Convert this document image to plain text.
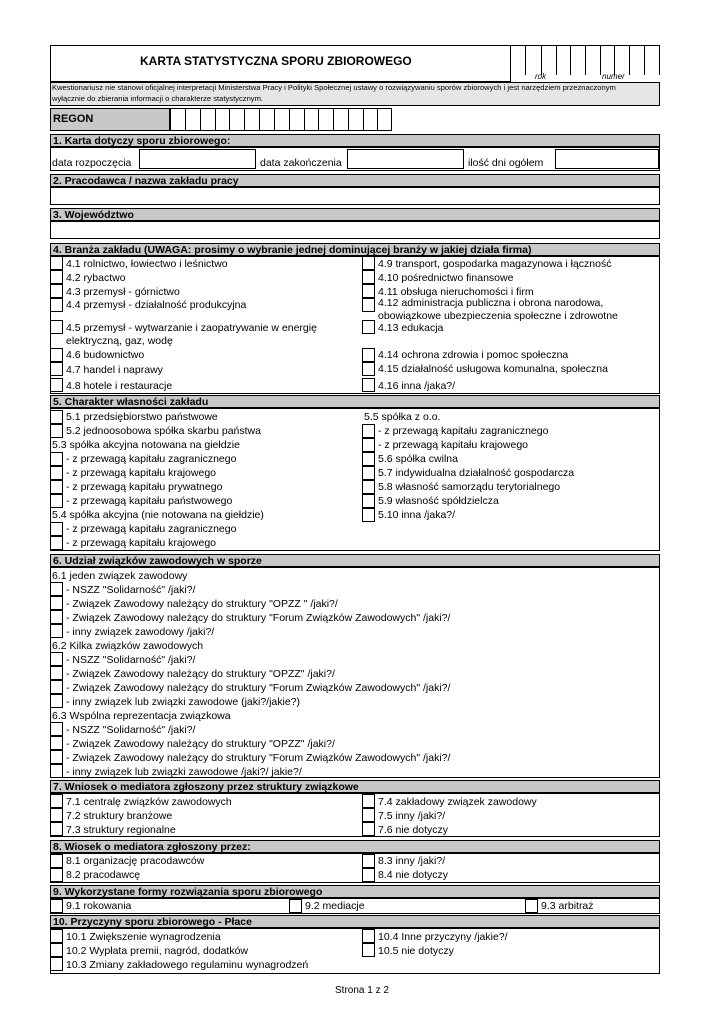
KARTA STATYSTYCZNA SPORU ZBIOROWEGO
rok	numer
Kwestionariusz nie stanowi oficjalnej interpretacji Ministerstwa Pracy i Polityki Społecznej ustawy o rozwiązywaniu sporów zbiorowych i jest narzędziem przeznaczonym
wyłącznie do zbierania informacji o charakterze statystycznym.
REGON
1. Karta dotyczy sporu zbiorowego:
data rozpoczęcia	data zakończenia	ilość dni ogółem
2. Pracodawca / nazwa zakładu pracy
3. Województwo
4. Branża zakładu (UWAGA: prosimy o wybranie jednej dominującej branży w jakiej działa firma)
4.1 rolnictwo, łowiectwo i leśnictwo
4.2 rybactwo
4.3 przemysł - górnictwo
4.4 przemysł - działalność produkcyjna
4.5 przemysł - wytwarzanie i zaopatrywanie w energię
elektryczną, gaz, wodę
4.6 budownictwo
4.7 handel i naprawy
4.8 hotele i restauracje
4.9 transport, gospodarka magazynowa i łączność
4.10 pośrednictwo finansowe
4.11 obsługa nieruchomości i firm
4.12 administracja publiczna i obrona narodowa,
obowiązkowe ubezpieczenia społeczne i zdrowotne
4.13 edukacja
4.14 ochrona zdrowia i pomoc społeczna
4.15 działalność usługowa komunalna, społeczna
4.16 inna /jaka?/
5. Charakter własności zakładu
5.1 przedsiębiorstwo państwowe
5.2 jednoosobowa spółka skarbu państwa
5.3 spółka akcyjna notowana na giełdzie
- z przewagą kapitału zagranicznego
- z przewagą kapitału krajowego
- z przewagą kapitału prywatnego
- z przewagą kapitału państwowego
5.4 spółka akcyjna (nie notowana na giełdzie)
- z przewagą kapitału zagranicznego
- z przewagą kapitału krajowego
5.5 spółka z o.o.
- z przewagą kapitału zagranicznego
- z przewagą kapitału krajowego
5.6 spółka cwilna
5.7 indywidualna działalność gospodarcza
5.8 własność samorządu terytorialnego
5.9 własność spółdzielcza
5.10 inna /jaka?/
6. Udział związków zawodowych w sporze
6.1 jeden związek zawodowy
- NSZZ "Solidarność" /jaki?/
- Związek Zawodowy należący do struktury "OPZZ " /jaki?/
- Związek Zawodowy należący do struktury "Forum Związków Zawodowych" /jaki?/
- inny związek zawodowy /jaki?/
6.2 Kilka związków zawodowych
- NSZZ "Solidarność" /jaki?/
- Związek Zawodowy należący do struktury "OPZZ" /jaki?/
- Związek Zawodowy należący do struktury "Forum Związków Zawodowych" /jaki?/
- inny związek lub związki zawodowe (jaki?/jakie?)
6.3 Wspólna reprezentacja związkowa
- NSZZ "Solidarność" /jaki?/
- Związek Zawodowy należący do struktury "OPZZ" /jaki?/
- Związek Zawodowy należący do struktury "Forum Związków Zawodowych" /jaki?/
- inny związek lub związki zawodowe /jaki?/ jakie?/
7. Wniosek o mediatora zgłoszony przez struktury związkowe
7.1 centralę związków zawodowych
7.2 struktury branżowe
7.3 struktury regionalne
7.4 zakładowy związek zawodowy
7.5 inny /jaki?/
7.6 nie dotyczy
8. Wiosek o mediatora zgłoszony przez:
8.1 organizację pracodawców
8.2 pracodawcę
8.3 inny /jaki?/
8.4 nie dotyczy
9. Wykorzystane formy rozwiązania sporu zbiorowego
9.1 rokowania	9.2 mediacje	9.3 arbitraż
10. Przyczyny sporu zbiorowego - Płace
10.1 Zwiększenie wynagrodzenia
10.2 Wypłata premii, nagród, dodatków
10.3 Zmiany zakładowego regulaminu wynagrodzeń
10.4 Inne przyczyny /jakie?/
10.5 nie dotyczy
Strona 1 z 2
